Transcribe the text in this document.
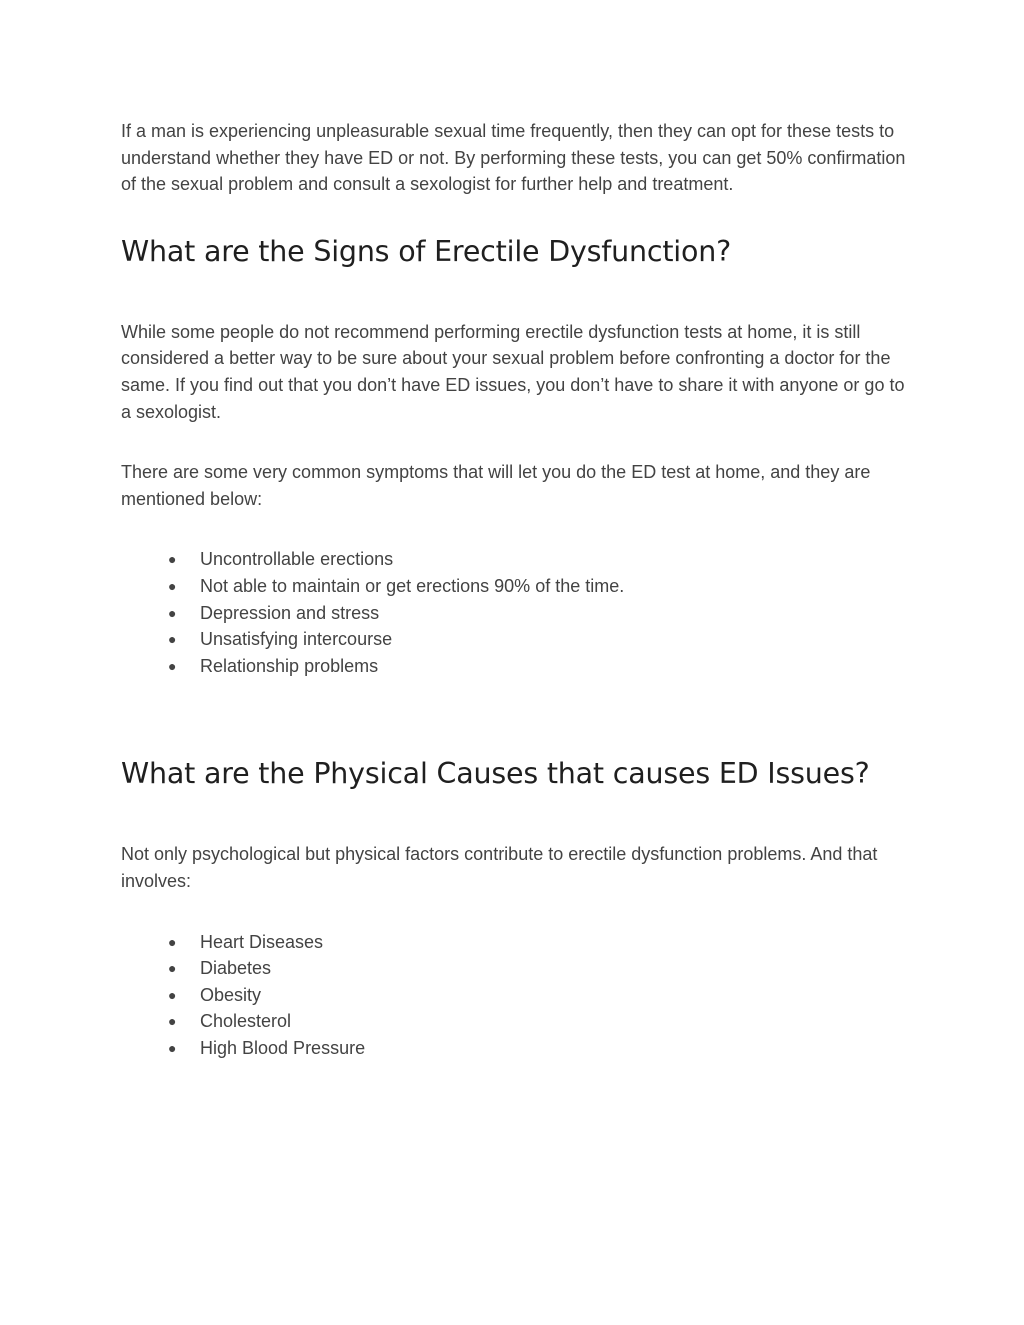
If a man is experiencing unpleasurable sexual time frequently, then they can opt for these tests to understand whether they have ED or not. By performing these tests, you can get 50% confirmation of the sexual problem and consult a sexologist for further help and treatment.

What are the Signs of Erectile Dysfunction?

While some people do not recommend performing erectile dysfunction tests at home, it is still considered a better way to be sure about your sexual problem before confronting a doctor for the same. If you find out that you don’t have ED issues, you don’t have to share it with anyone or go to a sexologist.

There are some very common symptoms that will let you do the ED test at home, and they are mentioned below:

● Uncontrollable erections
● Not able to maintain or get erections 90% of the time.
● Depression and stress
● Unsatisfying intercourse
● Relationship problems
What are the Physical Causes that causes ED Issues?

Not only psychological but physical factors contribute to erectile dysfunction problems. And that involves:

● Heart Diseases
● Diabetes
● Obesity
● Cholesterol
● High Blood Pressure
